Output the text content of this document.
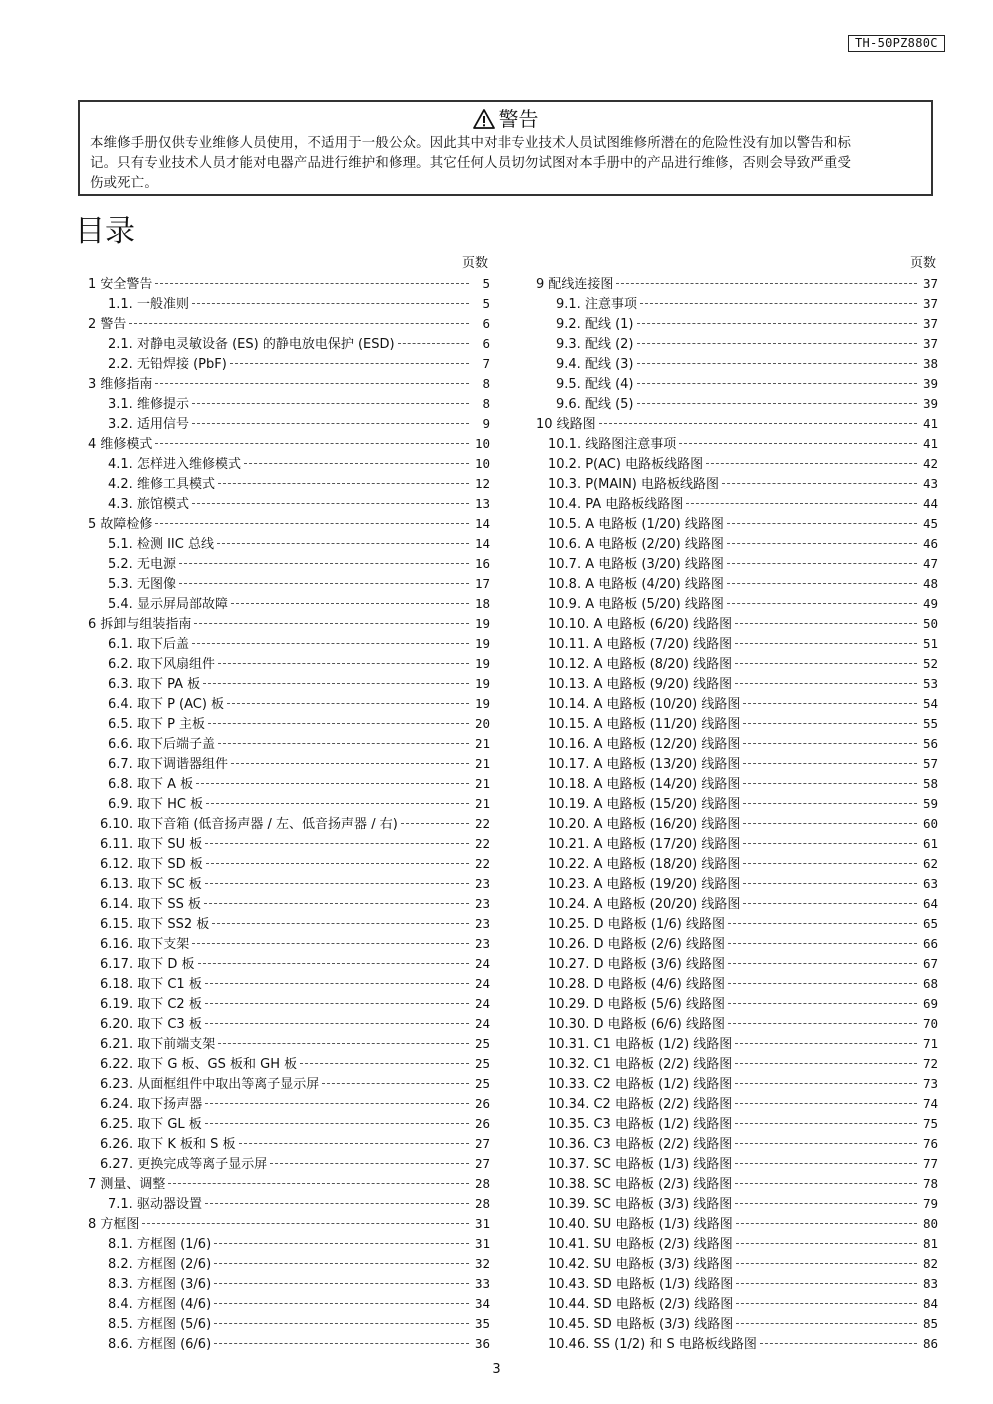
TH-50PZ880C
警告
本维修手册仅供专业维修人员使用，不适用于一般公众。因此其中对非专业技术人员试图维修所潜在的危险性没有加以警告和标
记。只有专业技术人员才能对电器产品进行维护和修理。其它任何人员切勿试图对本手册中的产品进行维修，否则会导致严重受
伤或死亡。
目录
页数
1 安全警告	5
1.1. 一般准则	5
2 警告	6
2.1. 对静电灵敏设备 (ES) 的静电放电保护 (ESD)	6
2.2. 无铅焊接 (PbF)	7
3 维修指南	8
3.1. 维修提示	8
3.2. 适用信号	9
4 维修模式	10
4.1. 怎样进入维修模式	10
4.2. 维修工具模式	12
4.3. 旅馆模式	13
5 故障检修	14
5.1. 检测 IIC 总线	14
5.2. 无电源	16
5.3. 无图像	17
5.4. 显示屏局部故障	18
6 拆卸与组装指南	19
6.1. 取下后盖	19
6.2. 取下风扇组件	19
6.3. 取下 PA 板	19
6.4. 取下 P (AC) 板	19
6.5. 取下 P 主板	20
6.6. 取下后端子盖	21
6.7. 取下调谐器组件	21
6.8. 取下 A 板	21
6.9. 取下 HC 板	21
6.10. 取下音箱 (低音扬声器 / 左、低音扬声器 / 右)	22
6.11. 取下 SU 板	22
6.12. 取下 SD 板	22
6.13. 取下 SC 板	23
6.14. 取下 SS 板	23
6.15. 取下 SS2 板	23
6.16. 取下支架	23
6.17. 取下 D 板	24
6.18. 取下 C1 板	24
6.19. 取下 C2 板	24
6.20. 取下 C3 板	24
6.21. 取下前端支架	25
6.22. 取下 G 板、GS 板和 GH 板	25
6.23. 从面框组件中取出等离子显示屏	25
6.24. 取下扬声器	26
6.25. 取下 GL 板	26
6.26. 取下 K 板和 S 板	27
6.27. 更换完成等离子显示屏	27
7 测量、调整	28
7.1. 驱动器设置	28
8 方框图	31
8.1. 方框图 (1/6)	31
8.2. 方框图 (2/6)	32
8.3. 方框图 (3/6)	33
8.4. 方框图 (4/6)	34
8.5. 方框图 (5/6)	35
8.6. 方框图 (6/6)	36
页数
9 配线连接图	37
9.1. 注意事项	37
9.2. 配线 (1)	37
9.3. 配线 (2)	37
9.4. 配线 (3)	38
9.5. 配线 (4)	39
9.6. 配线 (5)	39
10 线路图	41
10.1. 线路图注意事项	41
10.2. P(AC) 电路板线路图	42
10.3. P(MAIN) 电路板线路图	43
10.4. PA 电路板线路图	44
10.5. A 电路板 (1/20) 线路图	45
10.6. A 电路板 (2/20) 线路图	46
10.7. A 电路板 (3/20) 线路图	47
10.8. A 电路板 (4/20) 线路图	48
10.9. A 电路板 (5/20) 线路图	49
10.10. A 电路板 (6/20) 线路图	50
10.11. A 电路板 (7/20) 线路图	51
10.12. A 电路板 (8/20) 线路图	52
10.13. A 电路板 (9/20) 线路图	53
10.14. A 电路板 (10/20) 线路图	54
10.15. A 电路板 (11/20) 线路图	55
10.16. A 电路板 (12/20) 线路图	56
10.17. A 电路板 (13/20) 线路图	57
10.18. A 电路板 (14/20) 线路图	58
10.19. A 电路板 (15/20) 线路图	59
10.20. A 电路板 (16/20) 线路图	60
10.21. A 电路板 (17/20) 线路图	61
10.22. A 电路板 (18/20) 线路图	62
10.23. A 电路板 (19/20) 线路图	63
10.24. A 电路板 (20/20) 线路图	64
10.25. D 电路板 (1/6) 线路图	65
10.26. D 电路板 (2/6) 线路图	66
10.27. D 电路板 (3/6) 线路图	67
10.28. D 电路板 (4/6) 线路图	68
10.29. D 电路板 (5/6) 线路图	69
10.30. D 电路板 (6/6) 线路图	70
10.31. C1 电路板 (1/2) 线路图	71
10.32. C1 电路板 (2/2) 线路图	72
10.33. C2 电路板 (1/2) 线路图	73
10.34. C2 电路板 (2/2) 线路图	74
10.35. C3 电路板 (1/2) 线路图	75
10.36. C3 电路板 (2/2) 线路图	76
10.37. SC 电路板 (1/3) 线路图	77
10.38. SC 电路板 (2/3) 线路图	78
10.39. SC 电路板 (3/3) 线路图	79
10.40. SU 电路板 (1/3) 线路图	80
10.41. SU 电路板 (2/3) 线路图	81
10.42. SU 电路板 (3/3) 线路图	82
10.43. SD 电路板 (1/3) 线路图	83
10.44. SD 电路板 (2/3) 线路图	84
10.45. SD 电路板 (3/3) 线路图	85
10.46. SS (1/2) 和 S 电路板线路图	86
3
